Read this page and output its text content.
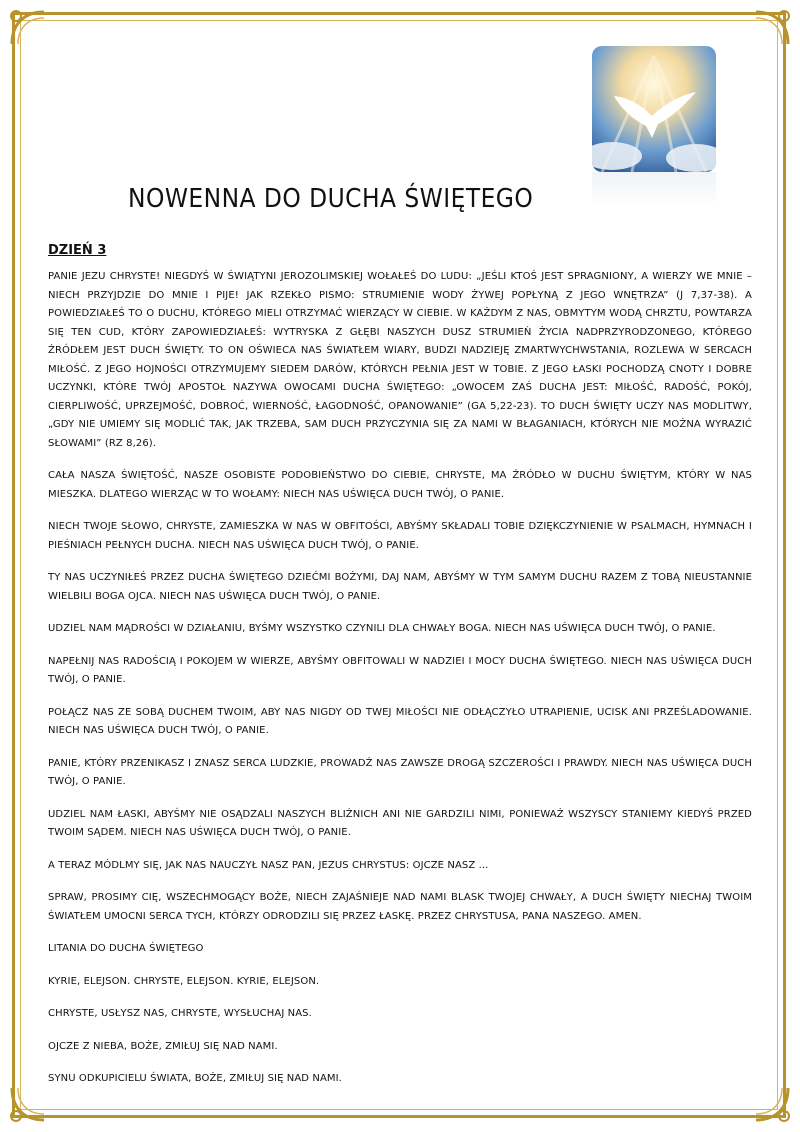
NOWENNA DO DUCHA ŚWIĘTEGO
DZIEŃ 3

PANIE JEZU CHRYSTE! NIEGDYŚ W ŚWIĄTYNI JEROZOLIMSKIEJ WOŁAŁEŚ DO LUDU: „JEŚLI KTOŚ JEST SPRAGNIONY, A WIERZY WE MNIE – NIECH PRZYJDZIE DO MNIE I PIJE! JAK RZEKŁO PISMO: STRUMIENIE WODY ŻYWEJ POPŁYNĄ Z JEGO WNĘTRZA” (J 7,37-38). A POWIEDZIAŁEŚ TO O DUCHU, KTÓREGO MIELI OTRZYMAĆ WIERZĄCY W CIEBIE. W KAŻDYM Z NAS, OBMYTYM WODĄ CHRZTU, POWTARZA SIĘ TEN CUD, KTÓRY ZAPOWIEDZIAŁEŚ: WYTRYSKA Z GŁĘBI NASZYCH DUSZ STRUMIEŃ ŻYCIA NADPRZYRODZONEGO, KTÓREGO ŹRÓDŁEM JEST DUCH ŚWIĘTY. TO ON OŚWIECA NAS ŚWIATŁEM WIARY, BUDZI NADZIEJĘ ZMARTWYCHWSTANIA, ROZLEWA W SERCACH MIŁOŚĆ. Z JEGO HOJNOŚCI OTRZYMUJEMY SIEDEM DARÓW, KTÓRYCH PEŁNIA JEST W TOBIE. Z JEGO ŁASKI POCHODZĄ CNOTY I DOBRE UCZYNKI, KTÓRE TWÓJ APOSTOŁ NAZYWA OWOCAMI DUCHA ŚWIĘTEGO: „OWOCEM ZAŚ DUCHA JEST: MIŁOŚĆ, RADOŚĆ, POKÓJ, CIERPLIWOŚĆ, UPRZEJMOŚĆ, DOBROĆ, WIERNOŚĆ, ŁAGODNOŚĆ, OPANOWANIE” (GA 5,22-23). TO DUCH ŚWIĘTY UCZY NAS MODLITWY, „GDY NIE UMIEMY SIĘ MODLIĆ TAK, JAK TRZEBA, SAM DUCH PRZYCZYNIA SIĘ ZA NAMI W BŁAGANIACH, KTÓRYCH NIE MOŻNA WYRAZIĆ SŁOWAMI” (RZ 8,26).

CAŁA NASZA ŚWIĘTOŚĆ, NASZE OSOBISTE PODOBIEŃSTWO DO CIEBIE, CHRYSTE, MA ŹRÓDŁO W DUCHU ŚWIĘTYM, KTÓRY W NAS MIESZKA. DLATEGO WIERZĄC W TO WOŁAMY: NIECH NAS UŚWIĘCA DUCH TWÓJ, O PANIE.

NIECH TWOJE SŁOWO, CHRYSTE, ZAMIESZKA W NAS W OBFITOŚCI, ABYŚMY SKŁADALI TOBIE DZIĘKCZYNIENIE W PSALMACH, HYMNACH I PIEŚNIACH PEŁNYCH DUCHA. NIECH NAS UŚWIĘCA DUCH TWÓJ, O PANIE.

TY NAS UCZYNIŁEŚ PRZEZ DUCHA ŚWIĘTEGO DZIEĆMI BOŻYMI, DAJ NAM, ABYŚMY W TYM SAMYM DUCHU RAZEM Z TOBĄ NIEUSTANNIE WIELBILI BOGA OJCA. NIECH NAS UŚWIĘCA DUCH TWÓJ, O PANIE.

UDZIEL NAM MĄDROŚCI W DZIAŁANIU, BYŚMY WSZYSTKO CZYNILI DLA CHWAŁY BOGA. NIECH NAS UŚWIĘCA DUCH TWÓJ, O PANIE.

NAPEŁNIJ NAS RADOŚCIĄ I POKOJEM W WIERZE, ABYŚMY OBFITOWALI W NADZIEI I MOCY DUCHA ŚWIĘTEGO. NIECH NAS UŚWIĘCA DUCH TWÓJ, O PANIE.

POŁĄCZ NAS ZE SOBĄ DUCHEM TWOIM, ABY NAS NIGDY OD TWEJ MIŁOŚCI NIE ODŁĄCZYŁO UTRAPIENIE, UCISK ANI PRZEŚLADOWANIE. NIECH NAS UŚWIĘCA DUCH TWÓJ, O PANIE.

PANIE, KTÓRY PRZENIKASZ I ZNASZ SERCA LUDZKIE, PROWADŹ NAS ZAWSZE DROGĄ SZCZEROŚCI I PRAWDY. NIECH NAS UŚWIĘCA DUCH TWÓJ, O PANIE.

UDZIEL NAM ŁASKI, ABYŚMY NIE OSĄDZALI NASZYCH BLIŹNICH ANI NIE GARDZILI NIMI, PONIEWAŻ WSZYSCY STANIEMY KIEDYŚ PRZED TWOIM SĄDEM. NIECH NAS UŚWIĘCA DUCH TWÓJ, O PANIE.

A TERAZ MÓDLMY SIĘ, JAK NAS NAUCZYŁ NASZ PAN, JEZUS CHRYSTUS: OJCZE NASZ ...

SPRAW, PROSIMY CIĘ, WSZECHMOGĄCY BOŻE, NIECH ZAJAŚNIEJE NAD NAMI BLASK TWOJEJ CHWAŁY, A DUCH ŚWIĘTY NIECHAJ TWOIM ŚWIATŁEM UMOCNI SERCA TYCH, KTÓRZY ODRODZILI SIĘ PRZEZ ŁASKĘ. PRZEZ CHRYSTUSA, PANA NASZEGO. AMEN.

LITANIA DO DUCHA ŚWIĘTEGO

KYRIE, ELEJSON. CHRYSTE, ELEJSON. KYRIE, ELEJSON.

CHRYSTE, USŁYSZ NAS, CHRYSTE, WYSŁUCHAJ NAS.

OJCZE Z NIEBA, BOŻE, ZMIŁUJ SIĘ NAD NAMI.

SYNU ODKUPICIELU ŚWIATA, BOŻE, ZMIŁUJ SIĘ NAD NAMI.
